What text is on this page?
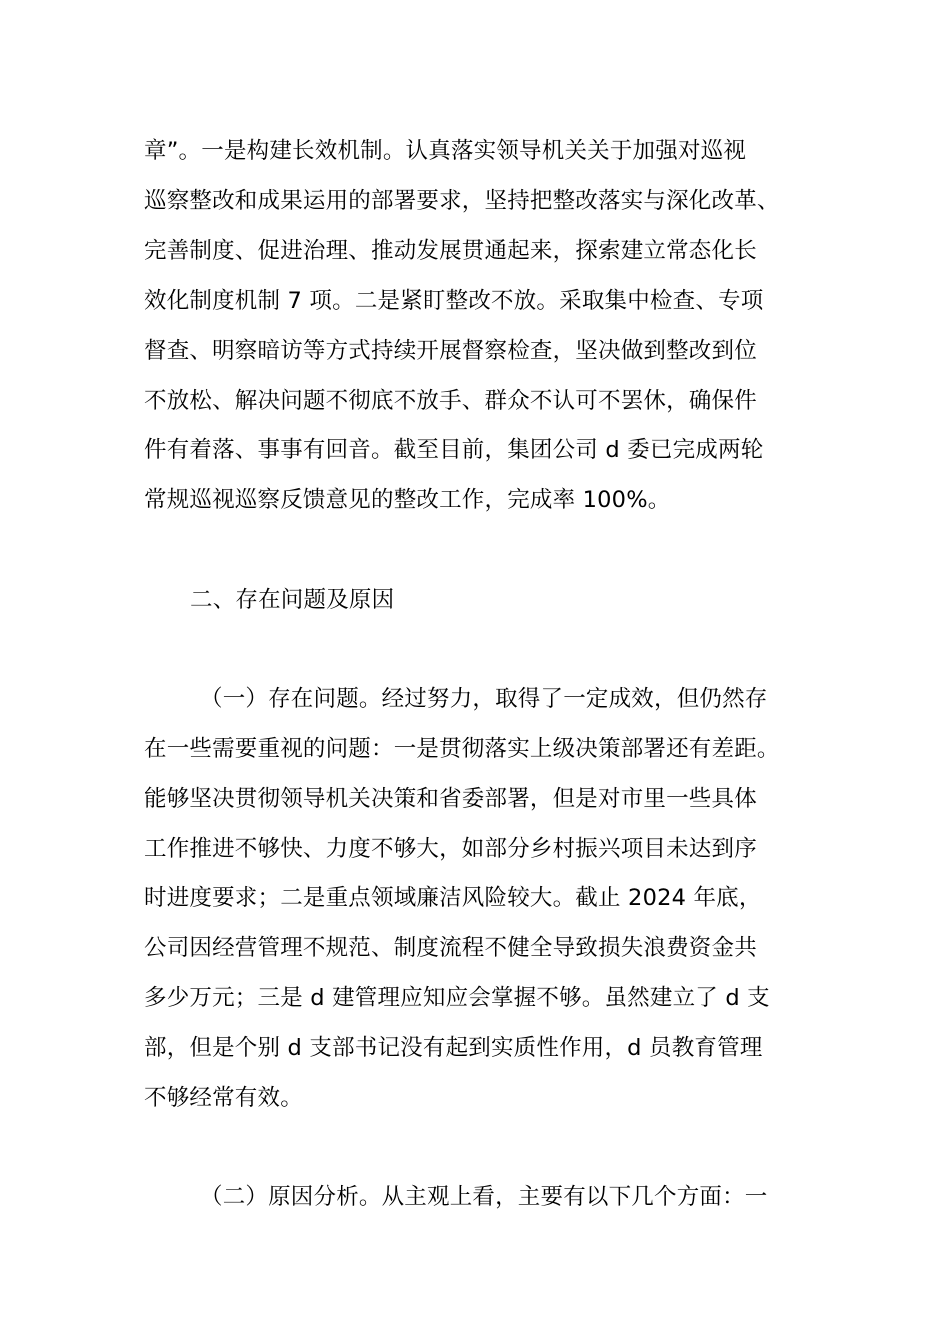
章”。一是构建长效机制。认真落实领导机关关于加强对巡视
巡察整改和成果运用的部署要求，坚持把整改落实与深化改革、
完善制度、促进治理、推动发展贯通起来，探索建立常态化长
效化制度机制 7 项。二是紧盯整改不放。采取集中检查、专项
督查、明察暗访等方式持续开展督察检查，坚决做到整改到位
不放松、解决问题不彻底不放手、群众不认可不罢休，确保件
件有着落、事事有回音。截至目前，集团公司 d 委已完成两轮
常规巡视巡察反馈意见的整改工作，完成率 100%。
二、存在问题及原因
（一）存在问题。经过努力，取得了一定成效，但仍然存
在一些需要重视的问题：一是贯彻落实上级决策部署还有差距。
能够坚决贯彻领导机关决策和省委部署，但是对市里一些具体
工作推进不够快、力度不够大，如部分乡村振兴项目未达到序
时进度要求；二是重点领域廉洁风险较大。截止 2024 年底，
公司因经营管理不规范、制度流程不健全导致损失浪费资金共
多少万元；三是 d 建管理应知应会掌握不够。虽然建立了 d 支
部，但是个别 d 支部书记没有起到实质性作用，d 员教育管理
不够经常有效。
（二）原因分析。从主观上看，主要有以下几个方面：一
